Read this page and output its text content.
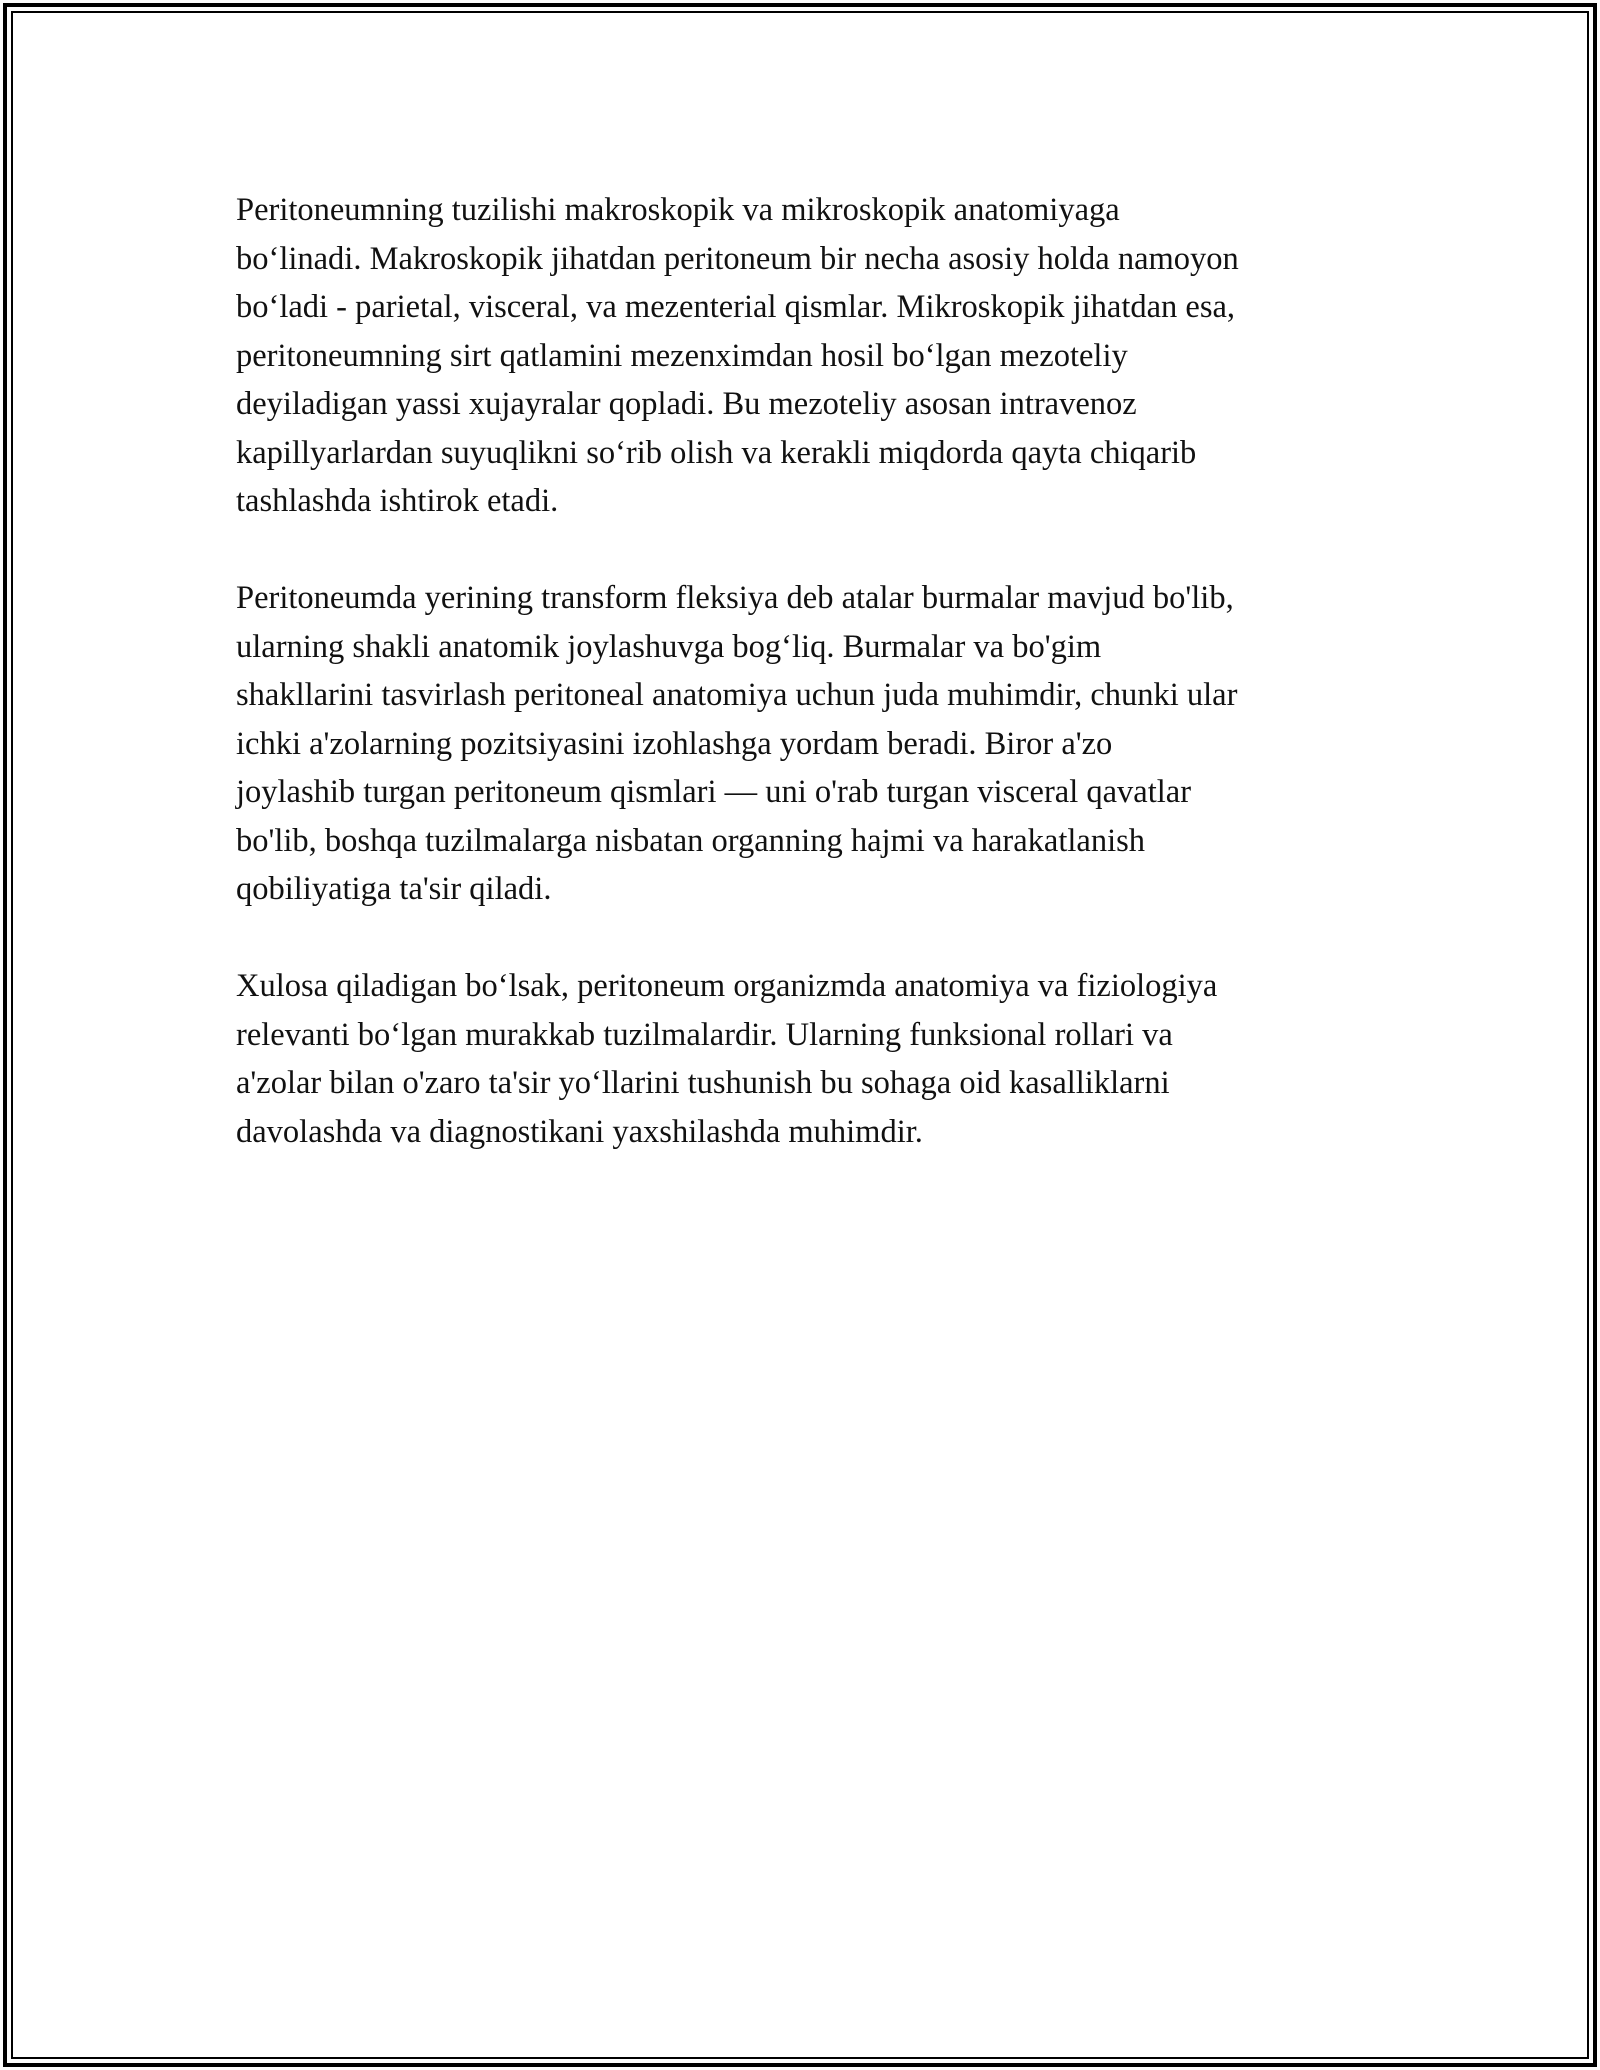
Peritoneumning tuzilishi makroskopik va mikroskopik anatomiyaga
bo‘linadi. Makroskopik jihatdan peritoneum bir necha asosiy holda namoyon
bo‘ladi - parietal, visceral, va mezenterial qismlar. Mikroskopik jihatdan esa,
peritoneumning sirt qatlamini mezenximdan hosil bo‘lgan mezoteliy
deyiladigan yassi xujayralar qopladi. Bu mezoteliy asosan intravenoz
kapillyarlardan suyuqlikni so‘rib olish va kerakli miqdorda qayta chiqarib
tashlashda ishtirok etadi.

Peritoneumda yerining transform fleksiya deb atalar burmalar mavjud bo'lib,
ularning shakli anatomik joylashuvga bog‘liq. Burmalar va bo'gim
shakllarini tasvirlash peritoneal anatomiya uchun juda muhimdir, chunki ular
ichki a'zolarning pozitsiyasini izohlashga yordam beradi. Biror a'zo
joylashib turgan peritoneum qismlari — uni o'rab turgan visceral qavatlar
bo'lib, boshqa tuzilmalarga nisbatan organning hajmi va harakatlanish
qobiliyatiga ta'sir qiladi.

Xulosa qiladigan bo‘lsak, peritoneum organizmda anatomiya va fiziologiya
relevanti bo‘lgan murakkab tuzilmalardir. Ularning funksional rollari va
a'zolar bilan o'zaro ta'sir yo‘llarini tushunish bu sohaga oid kasalliklarni
davolashda va diagnostikani yaxshilashda muhimdir.
